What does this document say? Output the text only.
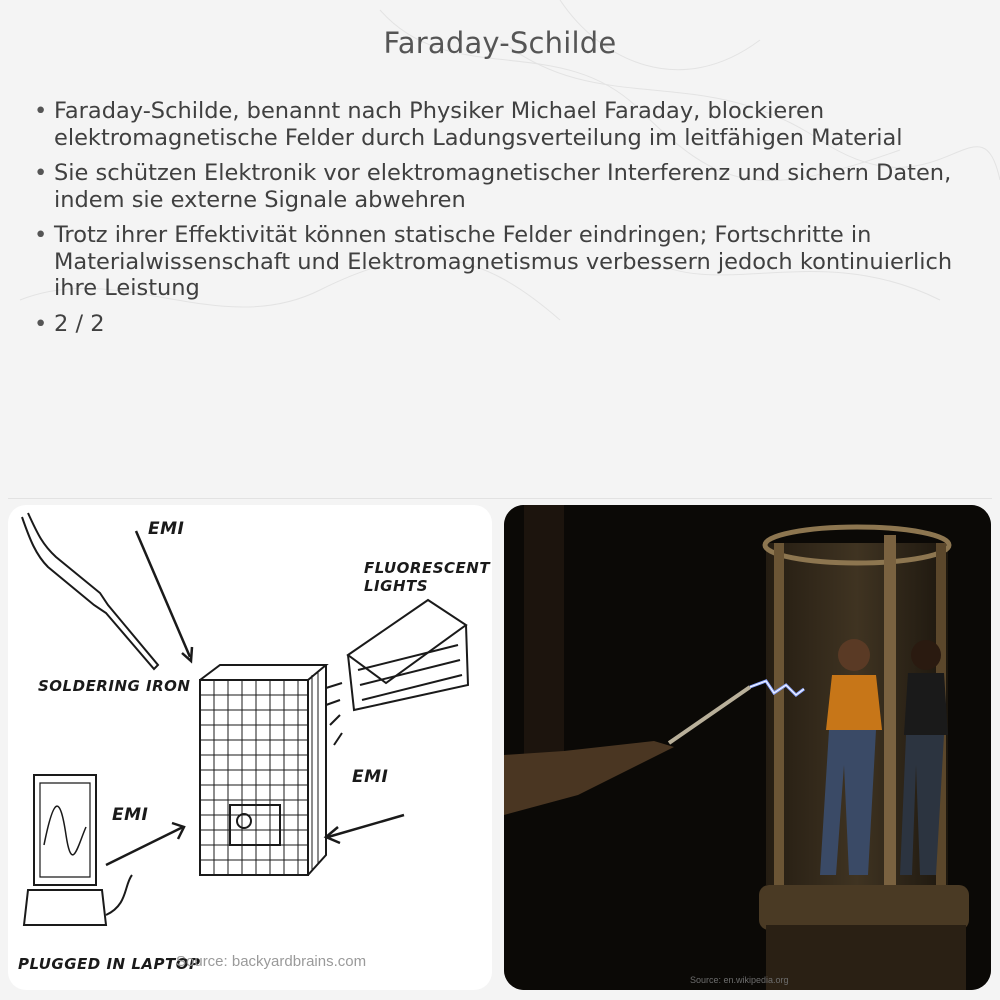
Faraday-Schilde
• Faraday-Schilde, benannt nach Physiker Michael Faraday, blockieren elektromagnetische Felder durch Ladungsverteilung im leitfähigen Material
• Sie schützen Elektronik vor elektromagnetischer Interferenz und sichern Daten, indem sie externe Signale abwehren
• Trotz ihrer Effektivität können statische Felder eindringen; Fortschritte in Materialwissenschaft und Elektromagnetismus verbessern jedoch kontinuierlich ihre Leistung
• 2 / 2
EMI
FLUORESCENT LIGHTS
SOLDERING IRON
EMI
EMI
PLUGGED IN LAPTOP
Source: backyardbrains.com
Source: en.wikipedia.org
